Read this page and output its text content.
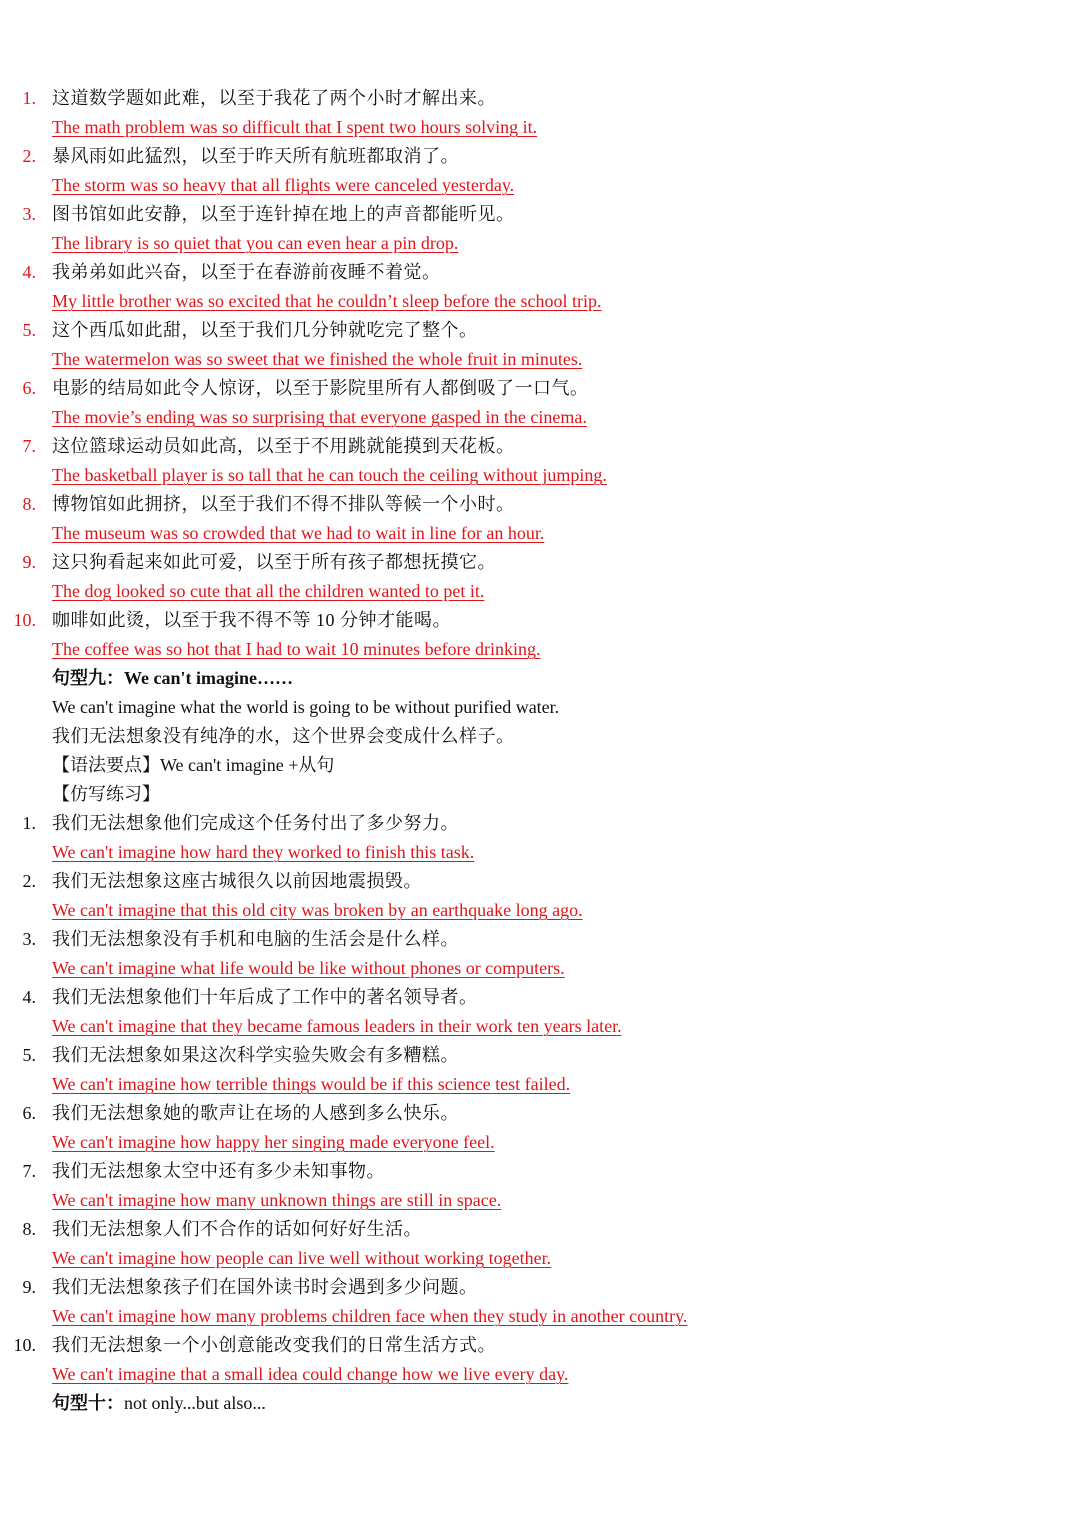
1. 这道数学题如此难，以至于我花了两个小时才解出来。
The math problem was so difficult that I spent two hours solving it.
2. 暴风雨如此猛烈，以至于昨天所有航班都取消了。
The storm was so heavy that all flights were canceled yesterday.
3. 图书馆如此安静，以至于连针掉在地上的声音都能听见。
The library is so quiet that you can even hear a pin drop.
4. 我弟弟如此兴奋，以至于在春游前夜睡不着觉。
My little brother was so excited that he couldn’t sleep before the school trip.
5. 这个西瓜如此甜，以至于我们几分钟就吃完了整个。
The watermelon was so sweet that we finished the whole fruit in minutes.
6. 电影的结局如此令人惊讶，以至于影院里所有人都倒吸了一口气。
The movie’s ending was so surprising that everyone gasped in the cinema.
7. 这位篮球运动员如此高，以至于不用跳就能摸到天花板。
The basketball player is so tall that he can touch the ceiling without jumping.
8. 博物馆如此拥挤，以至于我们不得不排队等候一个小时。
The museum was so crowded that we had to wait in line for an hour.
9. 这只狗看起来如此可爱，以至于所有孩子都想抚摸它。
The dog looked so cute that all the children wanted to pet it.
10. 咖啡如此烫，以至于我不得不等 10 分钟才能喝。
The coffee was so hot that I had to wait 10 minutes before drinking.
句型九：We can't imagine……
We can't imagine what the world is going to be without purified water.
我们无法想象没有纯净的水，这个世界会变成什么样子。
【语法要点】We can't imagine +从句
【仿写练习】
1. 我们无法想象他们完成这个任务付出了多少努力。
We can't imagine how hard they worked to finish this task.
2. 我们无法想象这座古城很久以前因地震损毁。
We can't imagine that this old city was broken by an earthquake long ago.
3. 我们无法想象没有手机和电脑的生活会是什么样。
We can't imagine what life would be like without phones or computers.
4. 我们无法想象他们十年后成了工作中的著名领导者。
We can't imagine that they became famous leaders in their work ten years later.
5. 我们无法想象如果这次科学实验失败会有多糟糕。
We can't imagine how terrible things would be if this science test failed.
6. 我们无法想象她的歌声让在场的人感到多么快乐。
We can't imagine how happy her singing made everyone feel.
7. 我们无法想象太空中还有多少未知事物。
We can't imagine how many unknown things are still in space.
8. 我们无法想象人们不合作的话如何好好生活。
We can't imagine how people can live well without working together.
9. 我们无法想象孩子们在国外读书时会遇到多少问题。
We can't imagine how many problems children face when they study in another country.
10. 我们无法想象一个小创意能改变我们的日常生活方式。
We can't imagine that a small idea could change how we live every day.
句型十：not only...but also...
